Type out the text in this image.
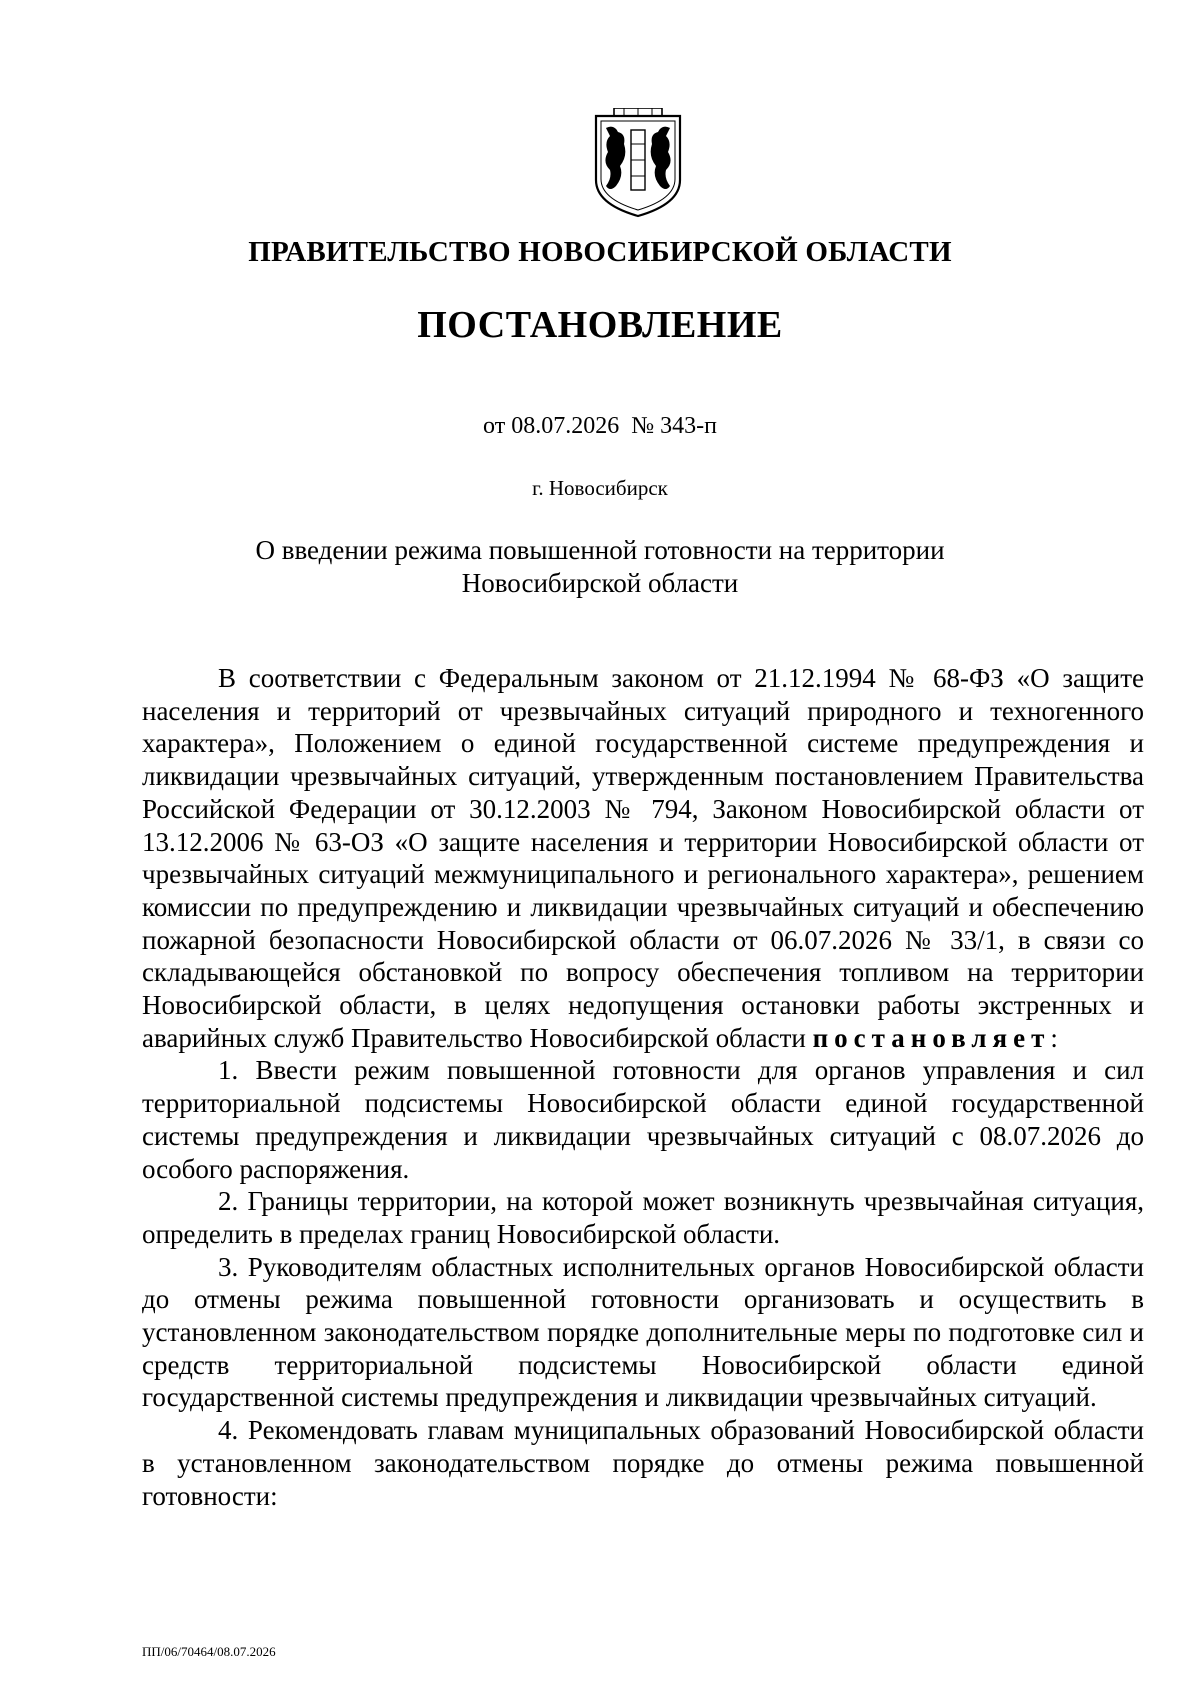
ПРАВИТЕЛЬСТВО НОВОСИБИРСКОЙ ОБЛАСТИ
ПОСТАНОВЛЕНИЕ
от 08.07.2026 № 343-п
г. Новосибирск
О введении режима повышенной готовности на территории
Новосибирской области

В соответствии с Федеральным законом от 21.12.1994 № 68-ФЗ «О защите населения и территорий от чрезвычайных ситуаций природного и техногенного характера», Положением о единой государственной системе предупреждения и ликвидации чрезвычайных ситуаций, утвержденным постановлением Правительства Российской Федерации от 30.12.2003 № 794, Законом Новосибирской области от 13.12.2006 № 63-ОЗ «О защите населения и территории Новосибирской области от чрезвычайных ситуаций межмуниципального и регионального характера», решением комиссии по предупреждению и ликвидации чрезвычайных ситуаций и обеспечению пожарной безопасности Новосибирской области от 06.07.2026 № 33/1, в связи со складывающейся обстановкой по вопросу обеспечения топливом на территории Новосибирской области, в целях недопущения остановки работы экстренных и аварийных служб Правительство Новосибирской области постановляет:

1. Ввести режим повышенной готовности для органов управления и сил территориальной подсистемы Новосибирской области единой государственной системы предупреждения и ликвидации чрезвычайных ситуаций с 08.07.2026 до особого распоряжения.

2. Границы территории, на которой может возникнуть чрезвычайная ситуация, определить в пределах границ Новосибирской области.

3. Руководителям областных исполнительных органов Новосибирской области до отмены режима повышенной готовности организовать и осуществить в установленном законодательством порядке дополнительные меры по подготовке сил и средств территориальной подсистемы Новосибирской области единой государственной системы предупреждения и ликвидации чрезвычайных ситуаций.

4. Рекомендовать главам муниципальных образований Новосибирской области в установленном законодательством порядке до отмены режима повышенной готовности:

ПП/06/70464/08.07.2026
